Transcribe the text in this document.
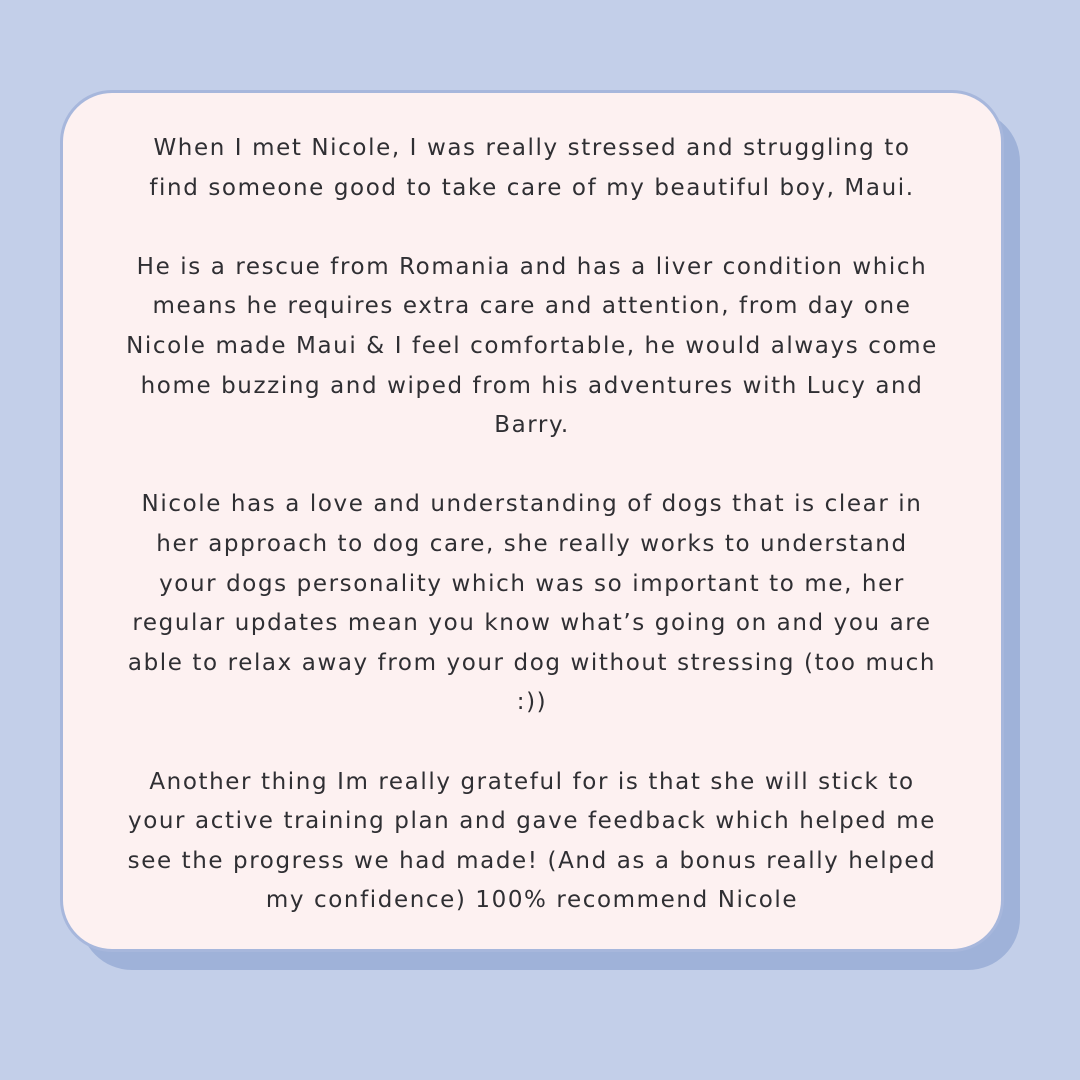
When I met Nicole, I was really stressed and struggling to
find someone good to take care of my beautiful boy, Maui.

He is a rescue from Romania and has a liver condition which
means he requires extra care and attention, from day one
Nicole made Maui & I feel comfortable, he would always come
home buzzing and wiped from his adventures with Lucy and
Barry.

Nicole has a love and understanding of dogs that is clear in
her approach to dog care, she really works to understand
your dogs personality which was so important to me, her
regular updates mean you know what’s going on and you are
able to relax away from your dog without stressing (too much
:))

Another thing Im really grateful for is that she will stick to
your active training plan and gave feedback which helped me
see the progress we had made! (And as a bonus really helped
my confidence) 100% recommend Nicole
